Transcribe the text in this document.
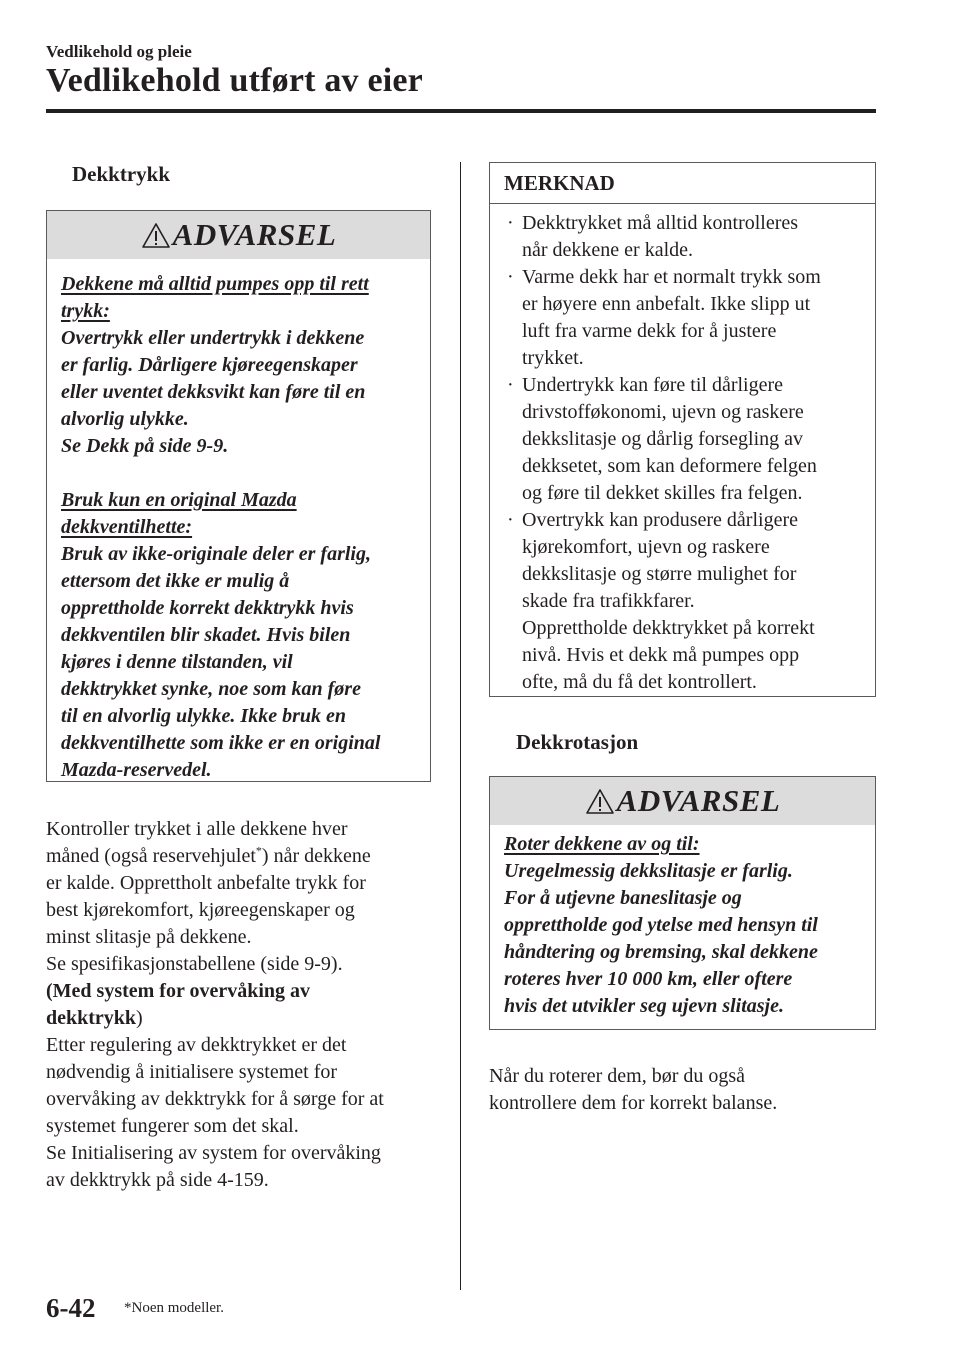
Vedlikehold og pleie
Vedlikehold utført av eier
Dekktrykk
ADVARSEL

Dekkene må alltid pumpes opp til rett

trykk:

Overtrykk eller undertrykk i dekkene

er farlig. Dårligere kjøreegenskaper

eller uventet dekksvikt kan føre til en

alvorlig ulykke.

Se Dekk på side 9-9.

Bruk kun en original Mazda

dekkventilhette:

Bruk av ikke-originale deler er farlig,

ettersom det ikke er mulig å

opprettholde korrekt dekktrykk hvis

dekkventilen blir skadet. Hvis bilen

kjøres i denne tilstanden, vil

dekktrykket synke, noe som kan føre

til en alvorlig ulykke. Ikke bruk en

dekkventilhette som ikke er en original

Mazda-reservedel.

Kontroller trykket i alle dekkene hver
måned (også reservehjulet*) når dekkene
er kalde. Opprettholt anbefalte trykk for
best kjørekomfort, kjøreegenskaper og
minst slitasje på dekkene.
Se spesifikasjonstabellene (side 9-9).
(Med system for overvåking av
dekktrykk)
Etter regulering av dekktrykket er det
nødvendig å initialisere systemet for
overvåking av dekktrykk for å sørge for at
systemet fungerer som det skal.
Se Initialisering av system for overvåking
av dekktrykk på side 4-159.
MERKNAD
· Dekktrykket må alltid kontrolleres
når dekkene er kalde.
· Varme dekk har et normalt trykk som
er høyere enn anbefalt. Ikke slipp ut
luft fra varme dekk for å justere
trykket.
· Undertrykk kan føre til dårligere
drivstofføkonomi, ujevn og raskere
dekkslitasje og dårlig forsegling av
dekksetet, som kan deformere felgen
og føre til dekket skilles fra felgen.
· Overtrykk kan produsere dårligere
kjørekomfort, ujevn og raskere
dekkslitasje og større mulighet for
skade fra trafikkfarer.
Opprettholde dekktrykket på korrekt
nivå. Hvis et dekk må pumpes opp
ofte, må du få det kontrollert.
Dekkrotasjon
ADVARSEL

Roter dekkene av og til:

Uregelmessig dekkslitasje er farlig.

For å utjevne baneslitasje og

opprettholde god ytelse med hensyn til

håndtering og bremsing, skal dekkene

roteres hver 10 000 km, eller oftere

hvis det utvikler seg ujevn slitasje.

Når du roterer dem, bør du også
kontrollere dem for korrekt balanse.
6-42 *Noen modeller.
